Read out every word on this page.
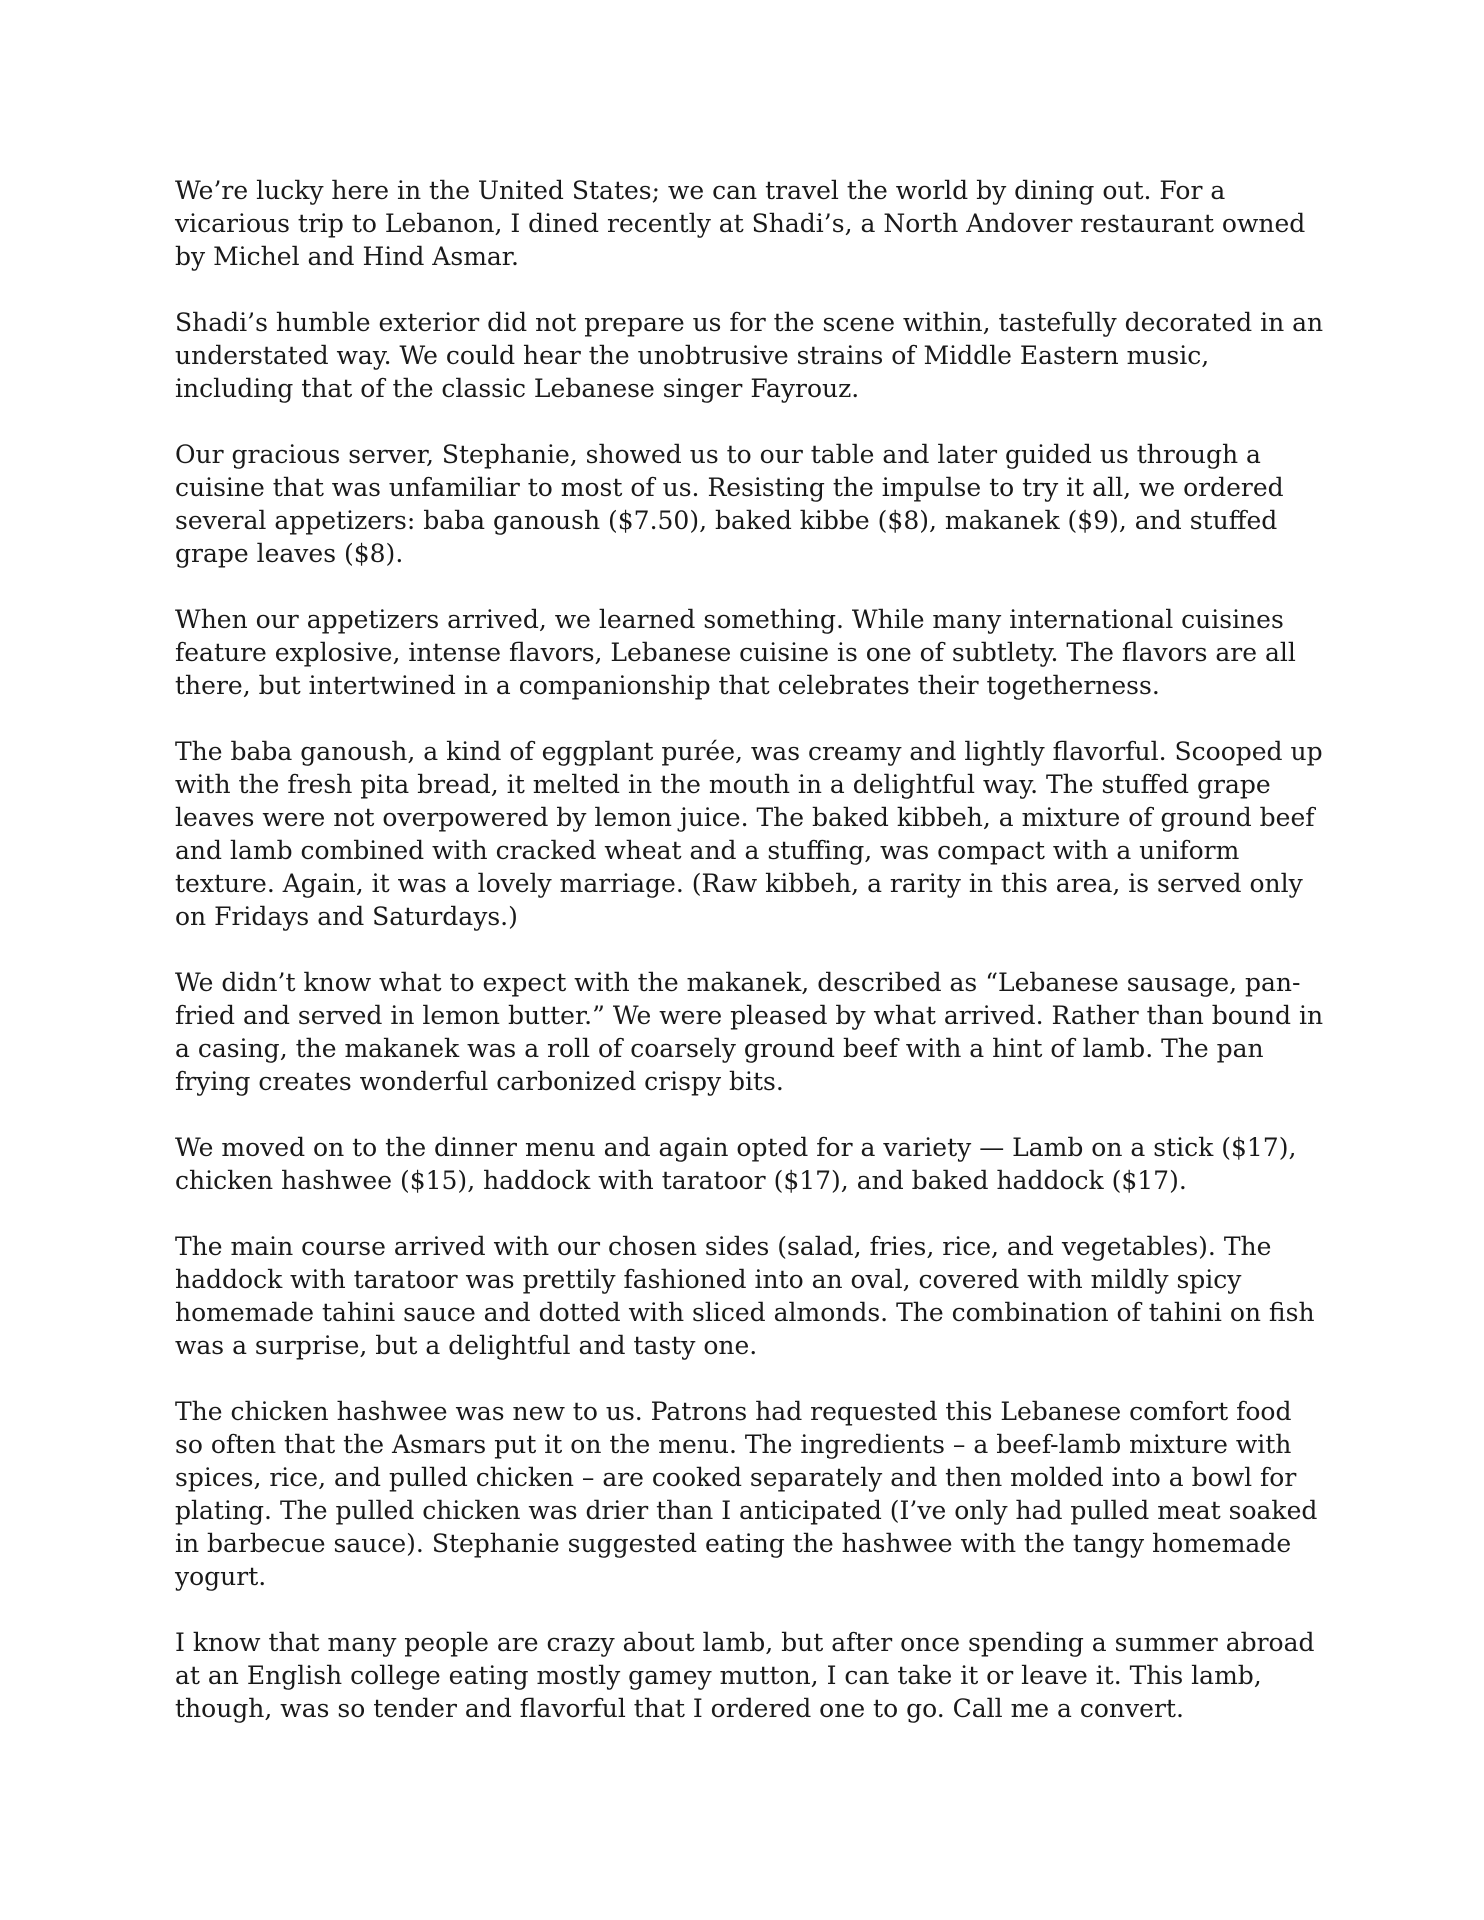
We’re lucky here in the United States; we can travel the world by dining out. For a vicarious trip to Lebanon, I dined recently at Shadi’s, a North Andover restaurant owned by Michel and Hind Asmar.

Shadi’s humble exterior did not prepare us for the scene within, tastefully decorated in an understated way. We could hear the unobtrusive strains of Middle Eastern music, including that of the classic Lebanese singer Fayrouz.

Our gracious server, Stephanie, showed us to our table and later guided us through a cuisine that was unfamiliar to most of us. Resisting the impulse to try it all, we ordered several appetizers: baba ganoush ($7.50), baked kibbe ($8), makanek ($9), and stuffed grape leaves ($8).

When our appetizers arrived, we learned something. While many international cuisines feature explosive, intense flavors, Lebanese cuisine is one of subtlety. The flavors are all there, but intertwined in a companionship that celebrates their togetherness.

The baba ganoush, a kind of eggplant purée, was creamy and lightly flavorful. Scooped up with the fresh pita bread, it melted in the mouth in a delightful way. The stuffed grape leaves were not overpowered by lemon juice. The baked kibbeh, a mixture of ground beef and lamb combined with cracked wheat and a stuffing, was compact with a uniform texture. Again, it was a lovely marriage. (Raw kibbeh, a rarity in this area, is served only on Fridays and Saturdays.)

We didn’t know what to expect with the makanek, described as “Lebanese sausage, pan-fried and served in lemon butter.” We were pleased by what arrived. Rather than bound in a casing, the makanek was a roll of coarsely ground beef with a hint of lamb. The pan frying creates wonderful carbonized crispy bits.

We moved on to the dinner menu and again opted for a variety — Lamb on a stick ($17), chicken hashwee ($15), haddock with taratoor ($17), and baked haddock ($17).

The main course arrived with our chosen sides (salad, fries, rice, and vegetables). The haddock with taratoor was prettily fashioned into an oval, covered with mildly spicy homemade tahini sauce and dotted with sliced almonds. The combination of tahini on fish was a surprise, but a delightful and tasty one.

The chicken hashwee was new to us. Patrons had requested this Lebanese comfort food so often that the Asmars put it on the menu. The ingredients – a beef-lamb mixture with spices, rice, and pulled chicken – are cooked separately and then molded into a bowl for plating. The pulled chicken was drier than I anticipated (I’ve only had pulled meat soaked in barbecue sauce). Stephanie suggested eating the hashwee with the tangy homemade yogurt.

I know that many people are crazy about lamb, but after once spending a summer abroad at an English college eating mostly gamey mutton, I can take it or leave it. This lamb, though, was so tender and flavorful that I ordered one to go. Call me a convert.
